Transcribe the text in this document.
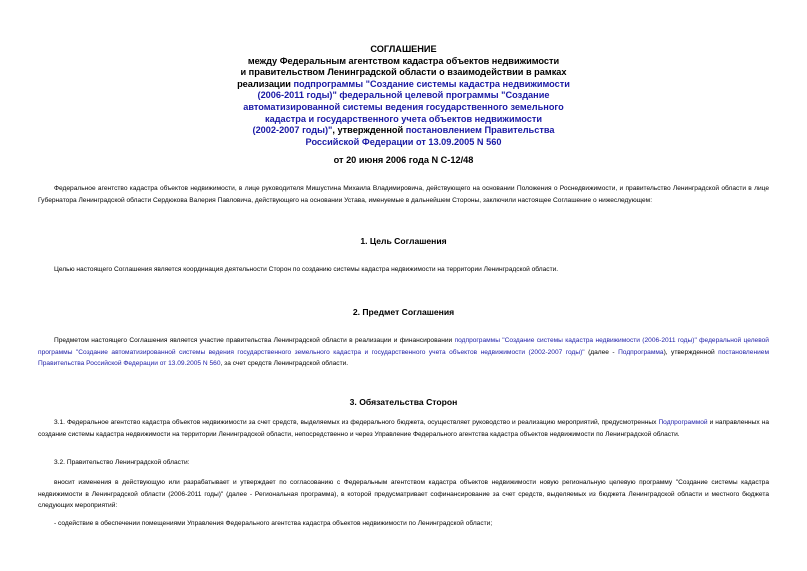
СОГЛАШЕНИЕ
между Федеральным агентством кадастра объектов недвижимости
и правительством Ленинградской области о взаимодействии в рамках
реализации подпрограммы "Создание системы кадастра недвижимости
(2006-2011 годы)" федеральной целевой программы "Создание
автоматизированной системы ведения государственного земельного
кадастра и государственного учета объектов недвижимости
(2002-2007 годы)", утвержденной постановлением Правительства
Российской Федерации от 13.09.2005 N 560
от 20 июня 2006 года N С-12/48
Федеральное агентство кадастра объектов недвижимости, в лице руководителя Мишустина Михаила Владимировича, действующего на основании Положения о Роснедвижимости, и правительство Ленинградской области в лице Губернатора Ленинградской области Сердюкова Валерия Павловича, действующего на основании Устава, именуемые в дальнейшем Стороны, заключили настоящее Соглашение о нижеследующем:
1. Цель Соглашения
Целью настоящего Соглашения является координация деятельности Сторон по созданию системы кадастра недвижимости на территории Ленинградской области.
2. Предмет Соглашения
Предметом настоящего Соглашения является участие правительства Ленинградской области в реализации и финансировании подпрограммы "Создание системы кадастра недвижимости (2006-2011 годы)" федеральной целевой программы "Создание автоматизированной системы ведения государственного земельного кадастра и государственного учета объектов недвижимости (2002-2007 годы)" (далее - Подпрограмма), утвержденной постановлением Правительства Российской Федерации от 13.09.2005 N 560, за счет средств Ленинградской области.
3. Обязательства Сторон
3.1. Федеральное агентство кадастра объектов недвижимости за счет средств, выделяемых из федерального бюджета, осуществляет руководство и реализацию мероприятий, предусмотренных Подпрограммой и направленных на создание системы кадастра недвижимости на территории Ленинградской области, непосредственно и через Управление Федерального агентства кадастра объектов недвижимости по Ленинградской области.
3.2. Правительство Ленинградской области:
вносит изменения в действующую или разрабатывает и утверждает по согласованию с Федеральным агентством кадастра объектов недвижимости новую региональную целевую программу "Создание системы кадастра недвижимости в Ленинградской области (2006-2011 годы)" (далее - Региональная программа), в которой предусматривает софинансирование за счет средств, выделяемых из бюджета Ленинградской области и местного бюджета следующих мероприятий:
- содействие в обеспечении помещениями Управления Федерального агентства кадастра объектов недвижимости по Ленинградской области;
